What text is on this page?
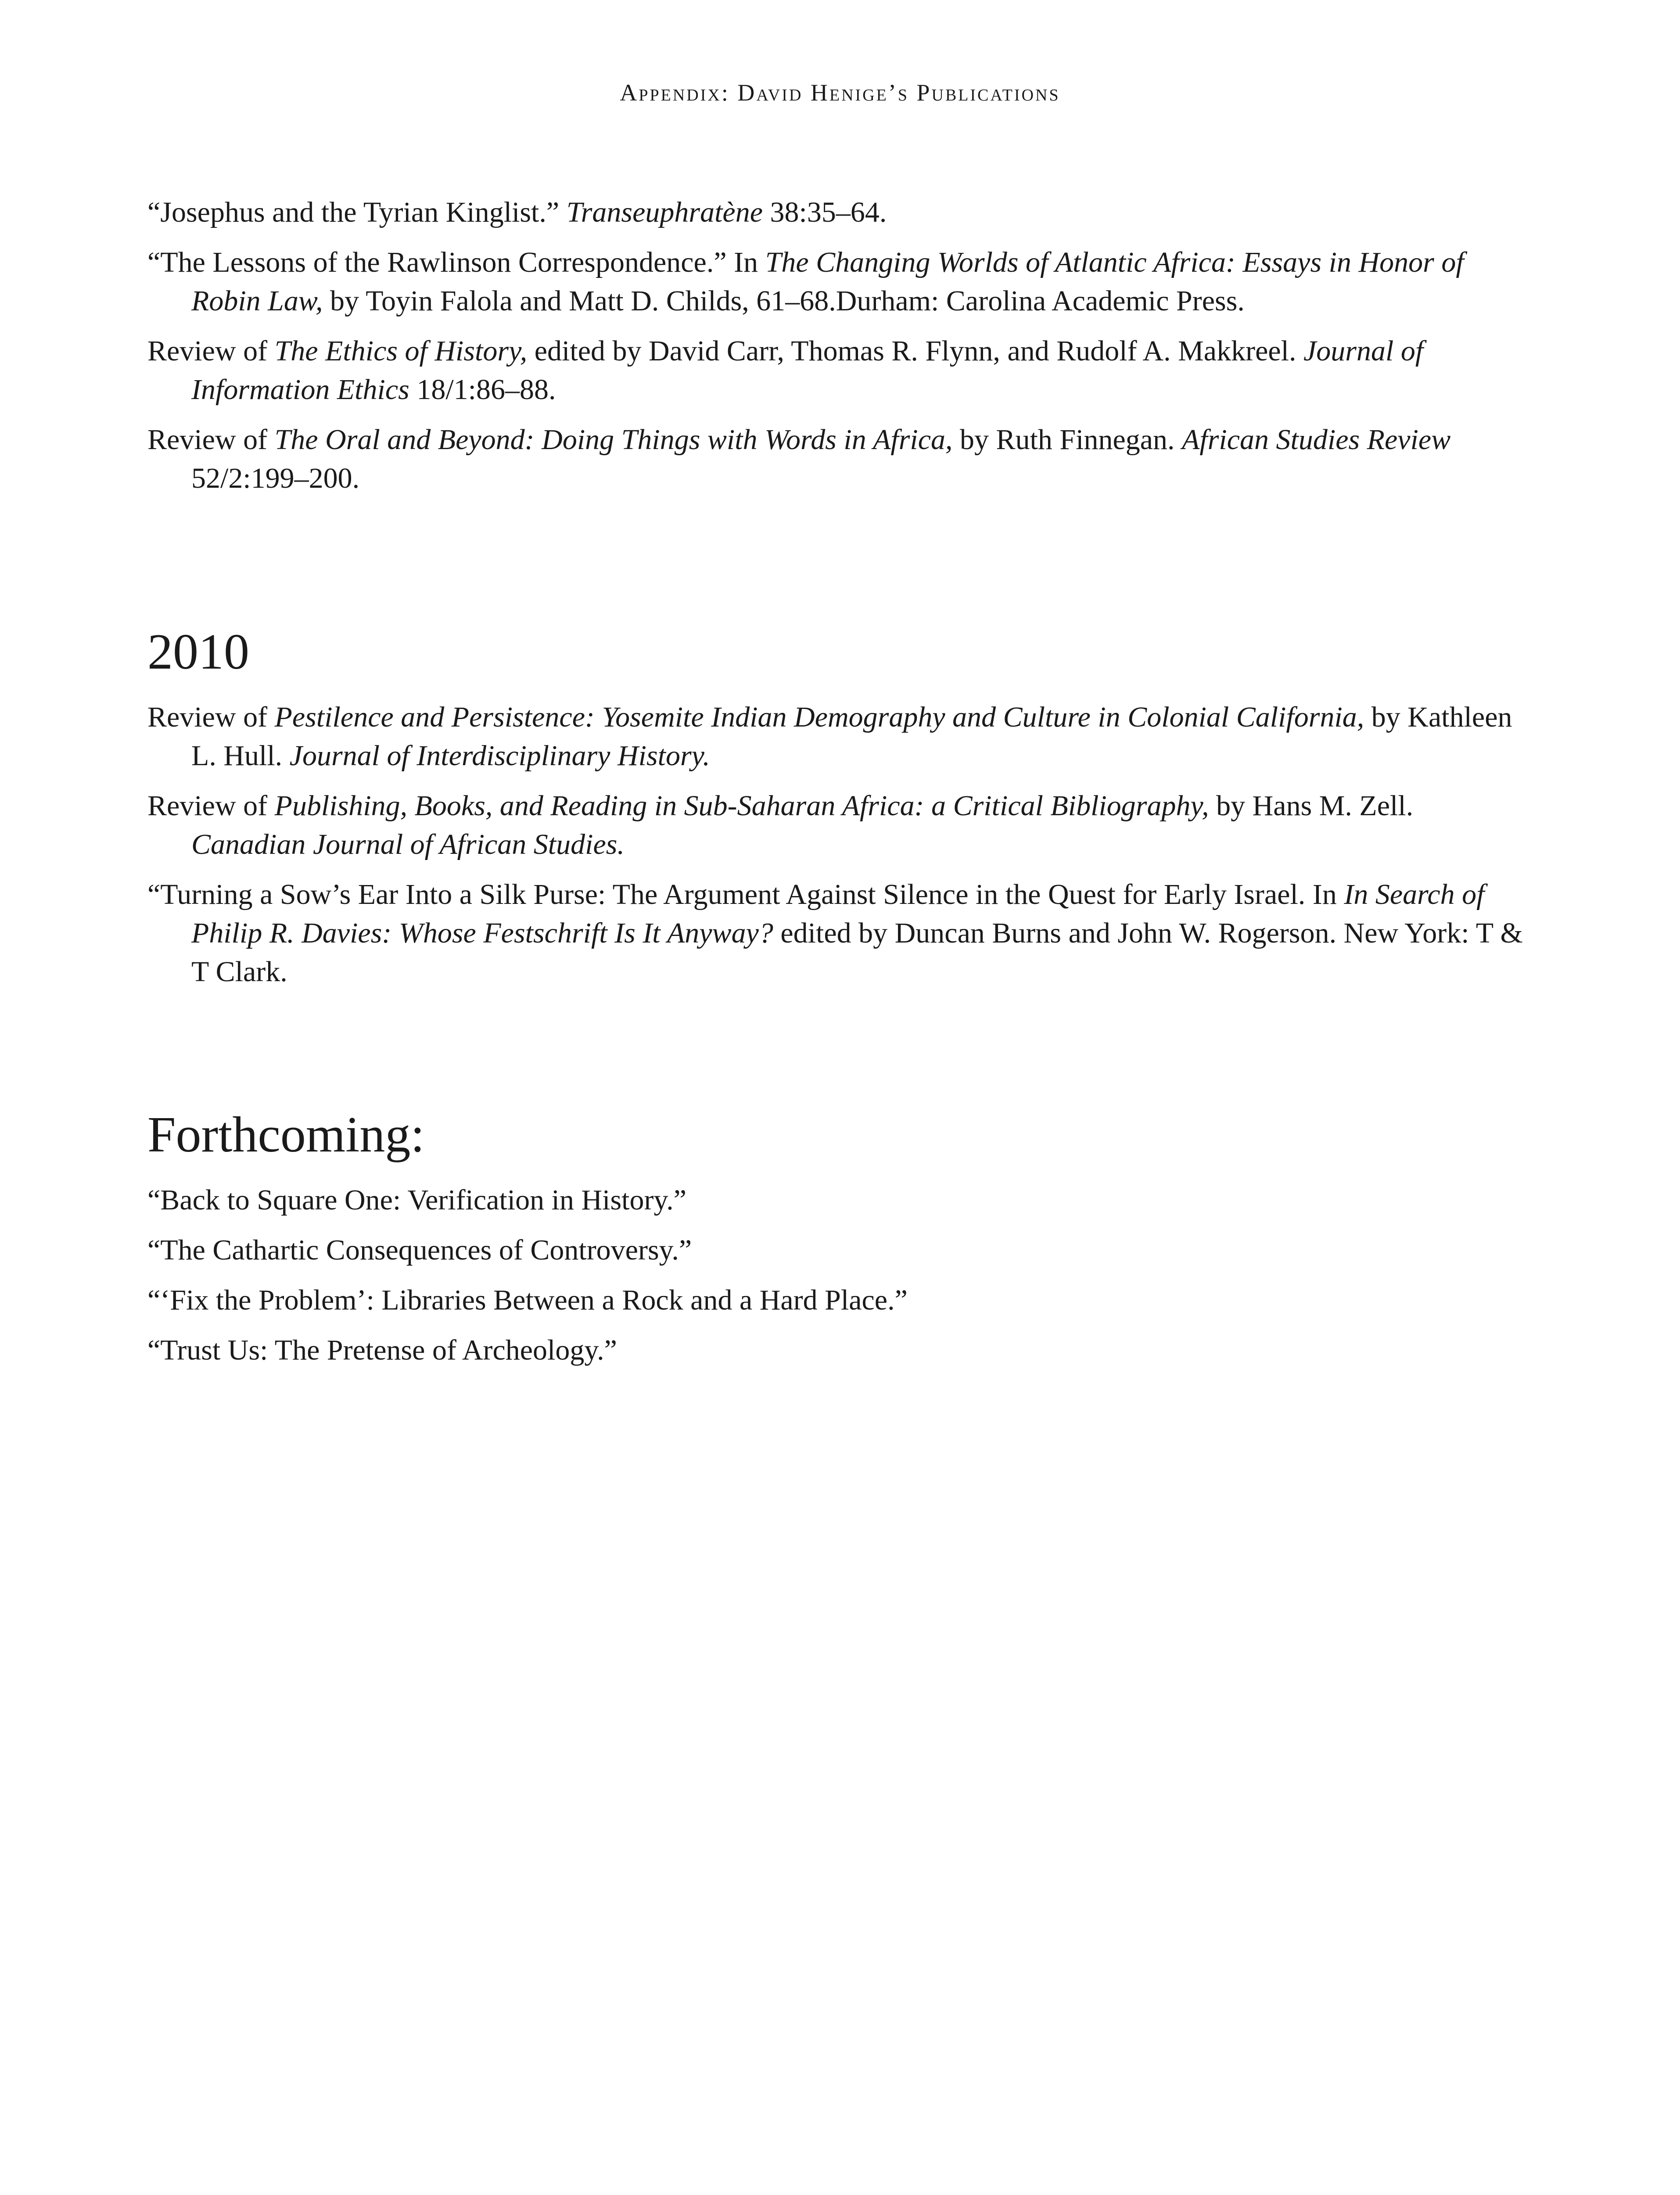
Appendix: David Henige’s Publications

“Josephus and the Tyrian Kinglist.” Transeuphratène 38:35–64.

“The Lessons of the Rawlinson Correspondence.” In The Changing Worlds of Atlantic Africa: Essays in Honor of Robin Law, by Toyin Falola and Matt D. Childs, 61–68.Durham: Carolina Academic Press.

Review of The Ethics of History, edited by David Carr, Thomas R. Flynn, and Rudolf A. Makkreel. Journal of Information Ethics 18/1:86–88.

Review of The Oral and Beyond: Doing Things with Words in Africa, by Ruth Finnegan. African Studies Review 52/2:199–200.

2010

Review of Pestilence and Persistence: Yosemite Indian Demography and Culture in Colonial California, by Kathleen L. Hull. Journal of Interdisciplinary History.

Review of Publishing, Books, and Reading in Sub-Saharan Africa: a Critical Bibliography, by Hans M. Zell. Canadian Journal of African Studies.

“Turning a Sow’s Ear Into a Silk Purse: The Argument Against Silence in the Quest for Early Israel. In In Search of Philip R. Davies: Whose Festschrift Is It Anyway? edited by Duncan Burns and John W. Rogerson. New York: T & T Clark.

Forthcoming:

“Back to Square One: Verification in History.”

“The Cathartic Consequences of Controversy.”

“‘Fix the Problem’: Libraries Between a Rock and a Hard Place.”

“Trust Us: The Pretense of Archeology.”
